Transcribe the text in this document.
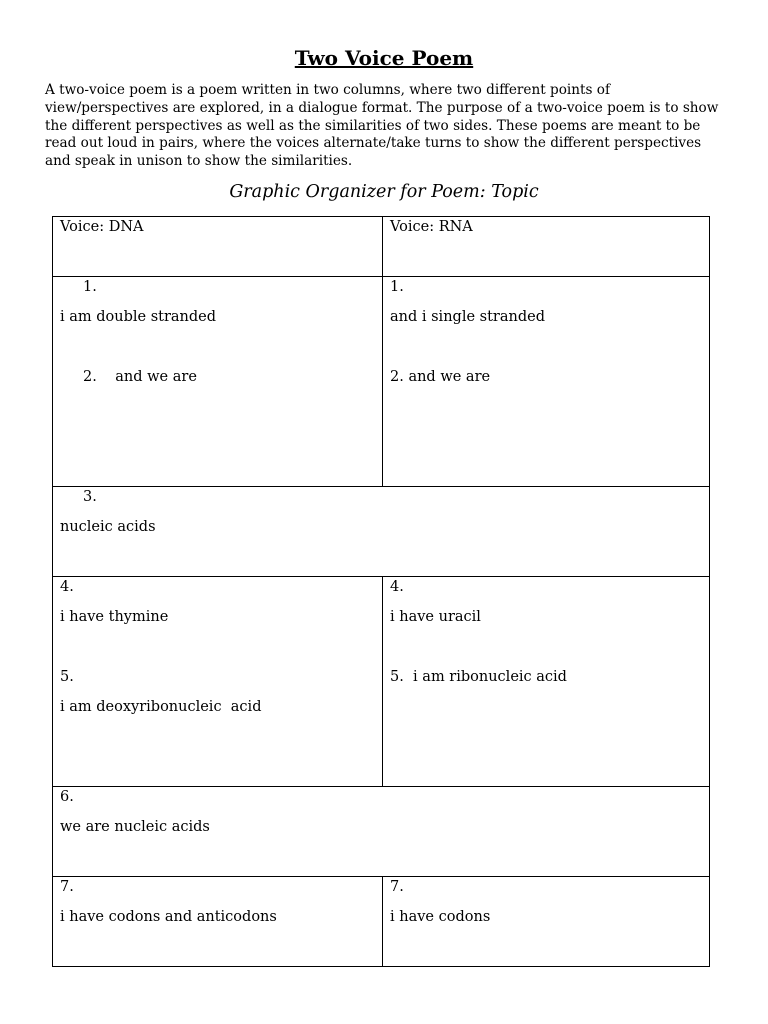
Two Voice Poem
A two-voice poem is a poem written in two columns, where two different points of view/perspectives are explored, in a dialogue format. The purpose of a two-voice poem is to show the different perspectives as well as the similarities of two sides. These poems are meant to be read out loud in pairs, where the voices alternate/take turns to show the different perspectives and speak in unison to show the similarities.
Graphic Organizer for Poem: Topic
Voice: DNA	Voice: RNA

1.
i am double stranded
2.    and we are	1.
and i single stranded
2. and we are

3.
nucleic acids	

4.
i have thymine
5.
i am deoxyribonucleic  acid	4.
i have uracil
5.  i am ribonucleic acid

6.
we are nucleic acids	

7.
i have codons and anticodons	7.
i have codons
